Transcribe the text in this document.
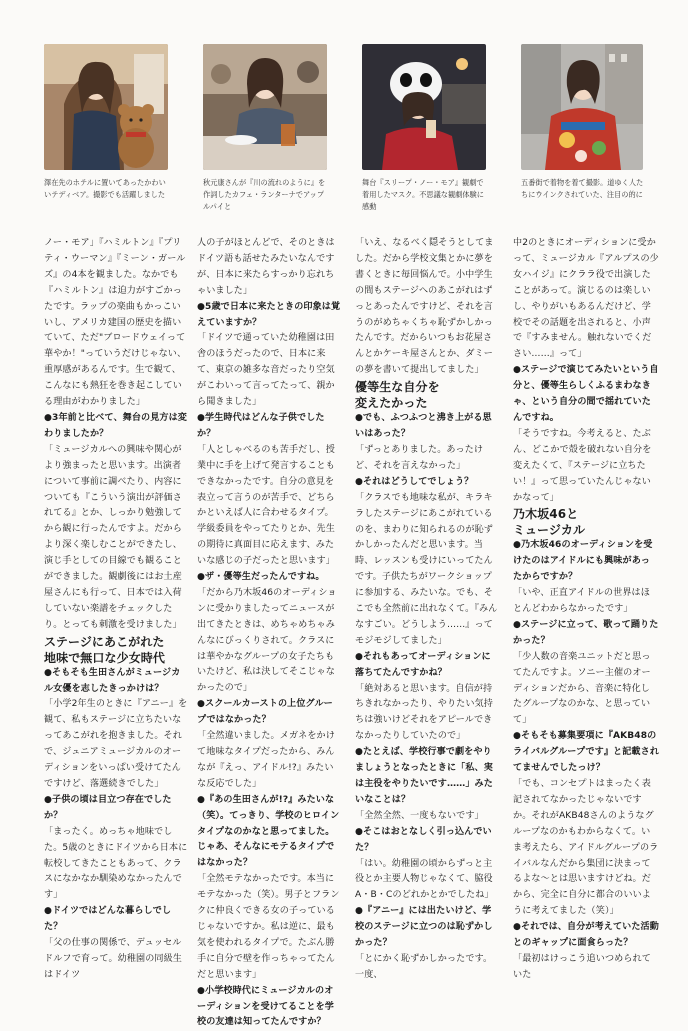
澤在先のホテルに置いてあったかわいいテディベア。撮影でも活躍しました
秋元康さんが『川の流れのように』を作詞したカフェ・ランターナでアップルパイと
舞台『スリープ・ノー・モア』観劇で着用したマスク。不思議な観劇体験に感動
五番街で着物を着て撮影。道ゆく人たちにウインクされていた、注目の的に

ノー・モア」『ハミルトン』『プリティ・ウーマン』『ミーン・ガールズ』の4本を観ました。なかでも『ハミルトン』は迫力がすごかったです。ラップの楽曲もかっこいいし、アメリカ建国の歴史を描いていて、ただ"ブロードウェイって華やか！"っていうだけじゃない、重厚感があるんです。生で観て、こんなにも熱狂を巻き起こしている理由がわかりました」

●3年前と比べて、舞台の見方は変わりましたか？

「ミュージカルへの興味や関心がより強まったと思います。出演者について事前に調べたり、内容についても『こういう演出が評価されてる』とか、しっかり勉強してから観に行ったんですよ。だからより深く楽しむことができたし、演じ手としての目線でも観ることができました。観劇後にはお土産屋さんにも行って、日本では入荷していない楽譜をチェックしたり。とっても刺激を受けました」

ステージにあこがれた
地味で無口な少女時代

●そもそも生田さんがミュージカル女優を志したきっかけは？

「小学2年生のときに『アニー』を観て、私もステージに立ちたいなってあこがれを抱きました。それで、ジュニアミュージカルのオーディションをいっぱい受けてたんですけど、落選続きでした」

●子供の頃は目立つ存在でしたか？

「まったく。めっちゃ地味でした。5歳のときにドイツから日本に転校してきたこともあって、クラスになかなか馴染めなかったんです」

●ドイツではどんな暮らしでした？

「父の仕事の関係で、デュッセルドルフで育って。幼稚園の同級生はドイツ

人の子がほとんどで、そのときはドイツ語も話せたみたいなんですが、日本に来たらすっかり忘れちゃいました」

●5歳で日本に来たときの印象は覚えていますか？

「ドイツで通っていた幼稚園は田舎のほうだったので、日本に来て、東京の雑多な音だったり空気がこわいって言ってたって、親から聞きました」

●学生時代はどんな子供でしたか？

「人としゃべるのも苦手だし、授業中に手を上げて発言することもできなかったです。自分の意見を表立って言うのが苦手で、どちらかといえば人に合わせるタイプ。学級委員をやってたりとか、先生の期待に真面目に応えます、みたいな感じの子だったと思います」

●ザ・優等生だったんですね。

「だから乃木坂46のオーディションに受かりましたってニュースが出てきたときは、めちゃめちゃみんなにびっくりされて。クラスには華やかなグループの女子たちもいたけど、私は決してそこじゃなかったので」

●スクールカーストの上位グループではなかった？

「全然違いました。メガネをかけて地味なタイプだったから、みんなが『えっ、アイドル!?』みたいな反応でした」

●『あの生田さんが!?』みたいな（笑）。てっきり、学校のヒロインタイプなのかなと思ってました。じゃあ、そんなにモテるタイプではなかった？

「全然モテなかったです。本当にモテなかった（笑）。男子とフランクに仲良くできる女の子っているじゃないですか。私は逆に、最も気を使われるタイプで。たぶん勝手に自分で壁を作っちゃってたんだと思います」

●小学校時代にミュージカルのオーディションを受けてることを学校の友達は知ってたんですか？

「いえ、なるべく隠そうとしてました。だから学校文集とかに夢を書くときに毎回悩んで。小中学生の間もステージへのあこがれはずっとあったんですけど、それを言うのがめちゃくちゃ恥ずかしかったんです。だからいつもお花屋さんとかケーキ屋さんとか、ダミーの夢を書いて提出してました」

優等生な自分を
変えたかった

●でも、ふつふつと沸き上がる思いはあった？

「ずっとありました。あったけど、それを言えなかった」

●それはどうしてでしょう？

「クラスでも地味な私が、キラキラしたステージにあこがれているのを、まわりに知られるのが恥ずかしかったんだと思います。当時、レッスンも受けにいってたんです。子供たちがワークショップに参加する、みたいな。でも、そこでも全然前に出れなくて。『みんなすごい。どうしよう……』ってモジモジしてました」

●それもあってオーディションに落ちてたんですかね？

「絶対あると思います。自信が持ちきれなかったり、やりたい気持ちは強いけどそれをアピールできなかったりしていたので」

●たとえば、学校行事で劇をやりましょうとなったときに「私、実は主役をやりたいです……」みたいなことは？

「全然全然、一度もないです」

●そこはおとなしく引っ込んでいた？

「はい。幼稚園の頃からずっと主役とか主要人物じゃなくて、脇役A・B・Cのどれかとかでしたね」

●『アニー』には出たいけど、学校のステージに立つのは恥ずかしかった？

「とにかく恥ずかしかったです。一度、

中2のときにオーディションに受かって、ミュージカル『アルプスの少女ハイジ』にクララ役で出演したことがあって。演じるのは楽しいし、やりがいもあるんだけど、学校でその話題を出されると、小声で『すみません。触れないでください……』って」

●ステージで演じてみたいという自分と、優等生らしくふるまわなきゃ、という自分の間で揺れていたんですね。

「そうですね。今考えると、たぶん、どこかで殻を破れない自分を変えたくて、『ステージに立ちたい！』って思っていたんじゃないかなって」

乃木坂46と
ミュージカル

●乃木坂46のオーディションを受けたのはアイドルにも興味があったからですか？

「いや、正直アイドルの世界はほとんどわからなかったです」

●ステージに立って、歌って踊りたかった？

「少人数の音楽ユニットだと思ってたんですよ。ソニー主催のオーディションだから、音楽に特化したグループなのかな、と思っていて」

●そもそも募集要項に『AKB48のライバルグループです』と記載されてませんでしたっけ？

「でも、コンセプトはまったく表記されてなかったじゃないですか。それがAKB48さんのようなグループなのかもわからなくて。いま考えたら、アイドルグループのライバルなんだから集団に決まってるよな〜とは思いますけどね。だから、完全に自分に都合のいいように考えてました（笑）」

●それでは、自分が考えていた活動とのギャップに面食らった？

「最初はけっこう追いつめられていた
